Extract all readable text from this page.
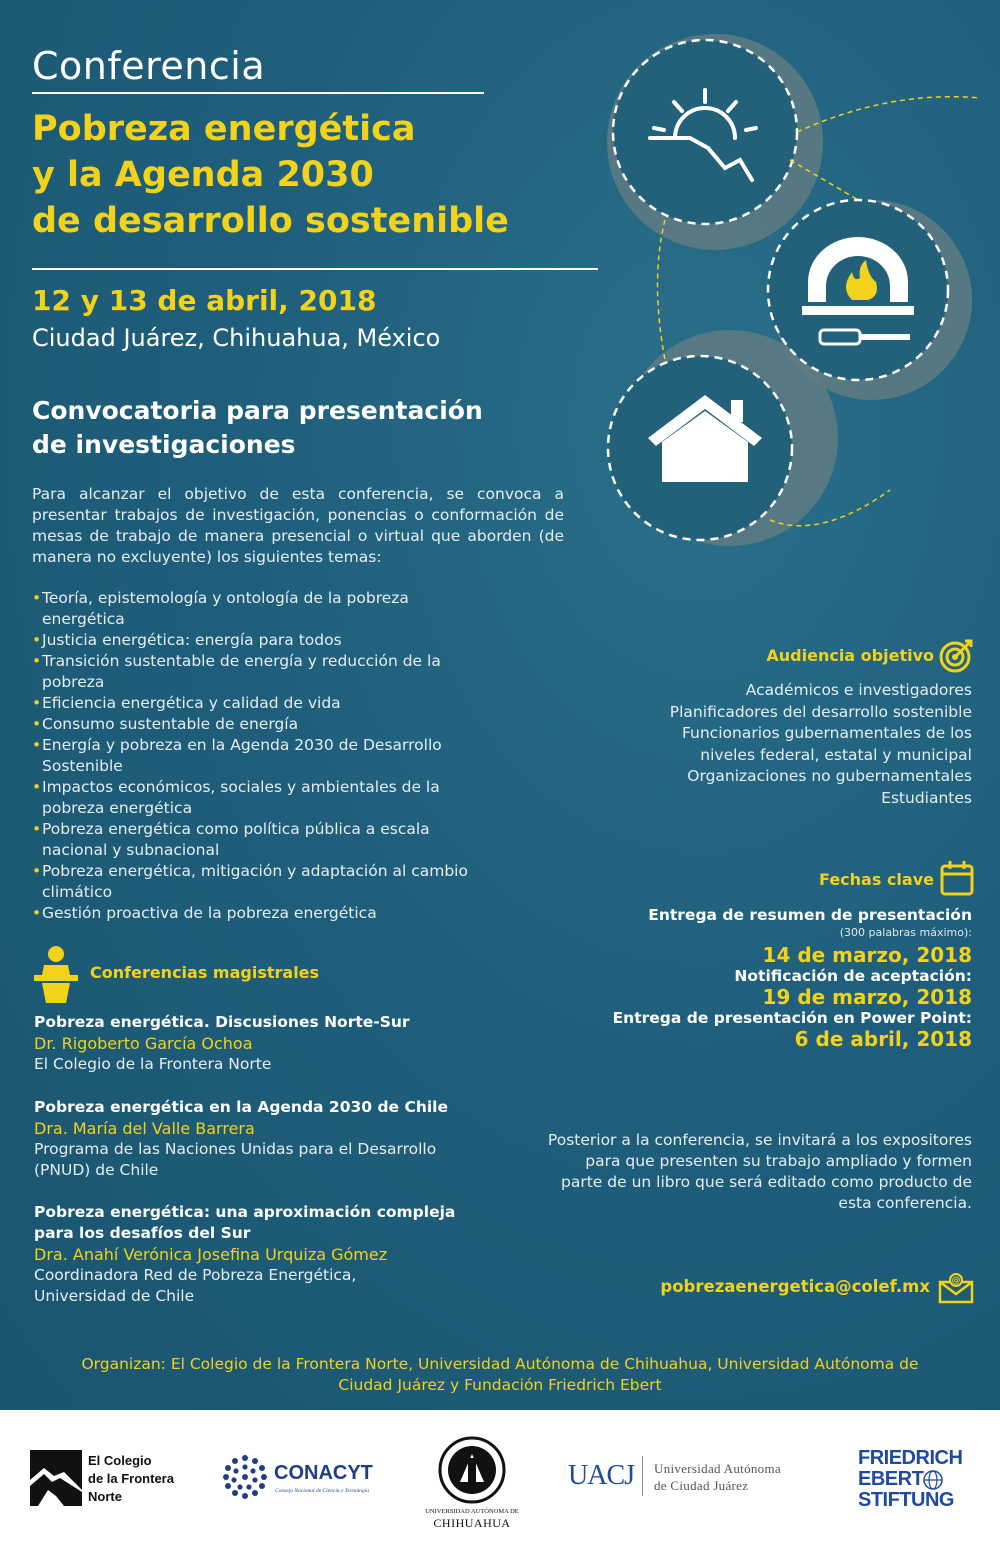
Conferencia
Pobreza energética
y la Agenda 2030
de desarrollo sostenible
12 y 13 de abril, 2018
Ciudad Juárez, Chihuahua, México
Convocatoria para presentación
de investigaciones
Para alcanzar el objetivo de esta conferencia, se convoca a presentar trabajos de investigación, ponencias o conformación de mesas de trabajo de manera presencial o virtual que aborden (de manera no excluyente) los siguientes temas:
• Teoría, epistemología y ontología de la pobreza energética
• Justicia energética: energía para todos
• Transición sustentable de energía y reducción de la pobreza
• Eficiencia energética y calidad de vida
• Consumo sustentable de energía
• Energía y pobreza en la Agenda 2030 de Desarrollo Sostenible
• Impactos económicos, sociales y ambientales de la pobreza energética
• Pobreza energética como política pública a escala nacional y subnacional
• Pobreza energética, mitigación y adaptación al cambio climático
• Gestión proactiva de la pobreza energética
Conferencias magistrales
Pobreza energética. Discusiones Norte-Sur
Dr. Rigoberto García Ochoa
El Colegio de la Frontera Norte
Pobreza energética en la Agenda 2030 de Chile
Dra. María del Valle Barrera
Programa de las Naciones Unidas para el Desarrollo (PNUD) de Chile
Pobreza energética: una aproximación compleja para los desafíos del Sur
Dra. Anahí Verónica Josefina Urquiza Gómez
Coordinadora Red de Pobreza Energética, Universidad de Chile
Audiencia objetivo
Académicos e investigadores
Planificadores del desarrollo sostenible
Funcionarios gubernamentales de los niveles federal, estatal y municipal
Organizaciones no gubernamentales
Estudiantes
Fechas clave
Entrega de resumen de presentación
(300 palabras máximo):
14 de marzo, 2018
Notificación de aceptación:
19 de marzo, 2018
Entrega de presentación en Power Point:
6 de abril, 2018
Posterior a la conferencia, se invitará a los expositores para que presenten su trabajo ampliado y formen parte de un libro que será editado como producto de esta conferencia.
pobrezaenergetica@colef.mx @
Organizan: El Colegio de la Frontera Norte, Universidad Autónoma de Chihuahua, Universidad Autónoma de Ciudad Juárez y Fundación Friedrich Ebert
El Colegio
de la Frontera
Norte
CONACYT
Consejo Nacional de Ciencia y Tecnología
UNIVERSIDAD AUTÓNOMA DE
CHIHUAHUA
UACJ Universidad Autónoma
de Ciudad Juárez
FRIEDRICH
EBERT
STIFTUNG
